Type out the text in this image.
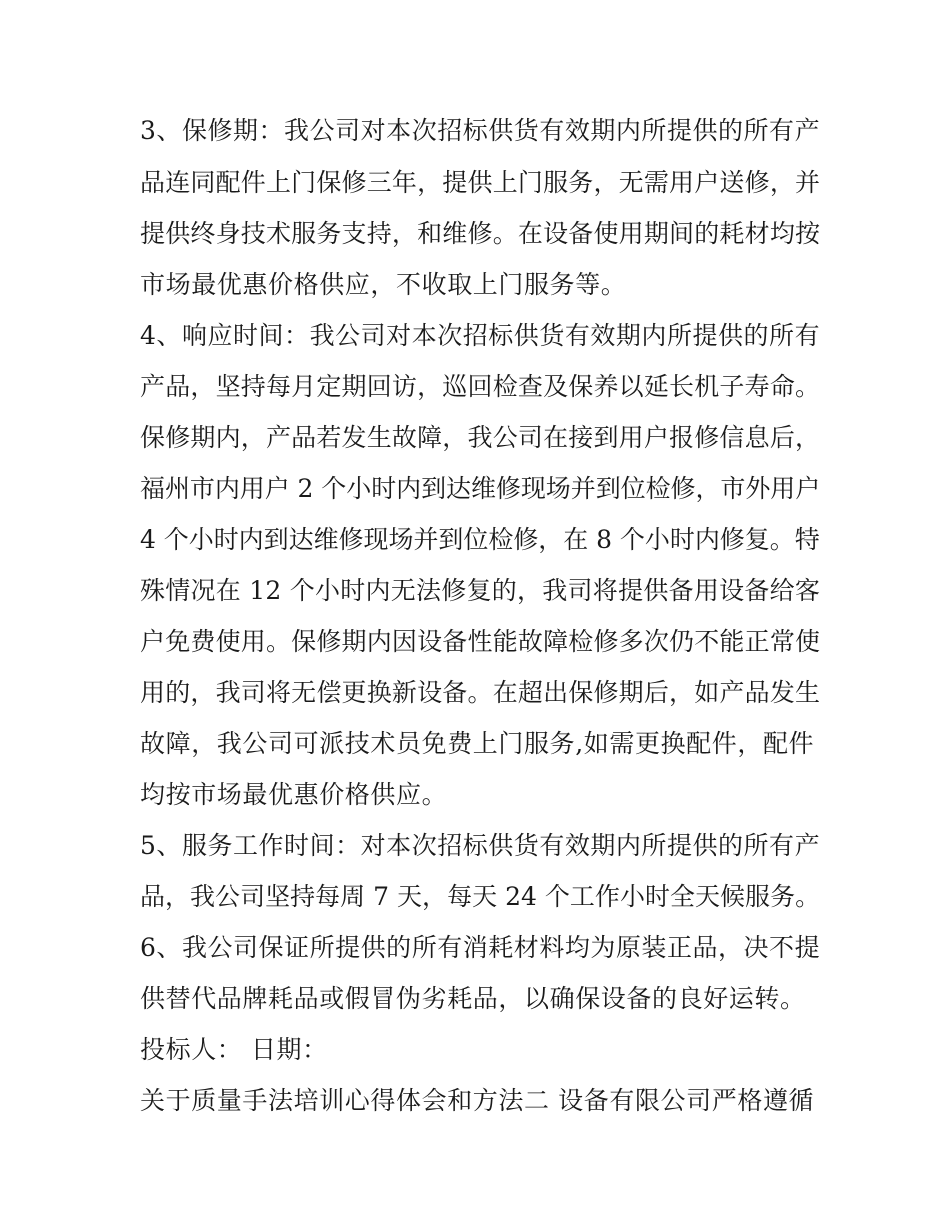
3、保修期：我公司对本次招标供货有效期内所提供的所有产
品连同配件上门保修三年，提供上门服务，无需用户送修，并
提供终身技术服务支持，和维修。在设备使用期间的耗材均按
市场最优惠价格供应，不收取上门服务等。
4、响应时间：我公司对本次招标供货有效期内所提供的所有
产品，坚持每月定期回访，巡回检查及保养以延长机子寿命。
保修期内，产品若发生故障，我公司在接到用户报修信息后，
福州市内用户 2 个小时内到达维修现场并到位检修，市外用户
4 个小时内到达维修现场并到位检修，在 8 个小时内修复。特
殊情况在 12 个小时内无法修复的，我司将提供备用设备给客
户免费使用。保修期内因设备性能故障检修多次仍不能正常使
用的，我司将无偿更换新设备。在超出保修期后，如产品发生
故障，我公司可派技术员免费上门服务,如需更换配件，配件
均按市场最优惠价格供应。
5、服务工作时间：对本次招标供货有效期内所提供的所有产
品，我公司坚持每周 7 天，每天 24 个工作小时全天候服务。
6、我公司保证所提供的所有消耗材料均为原装正品，决不提
供替代品牌耗品或假冒伪劣耗品，以确保设备的良好运转。
投标人： 日期：
关于质量手法培训心得体会和方法二 设备有限公司严格遵循
